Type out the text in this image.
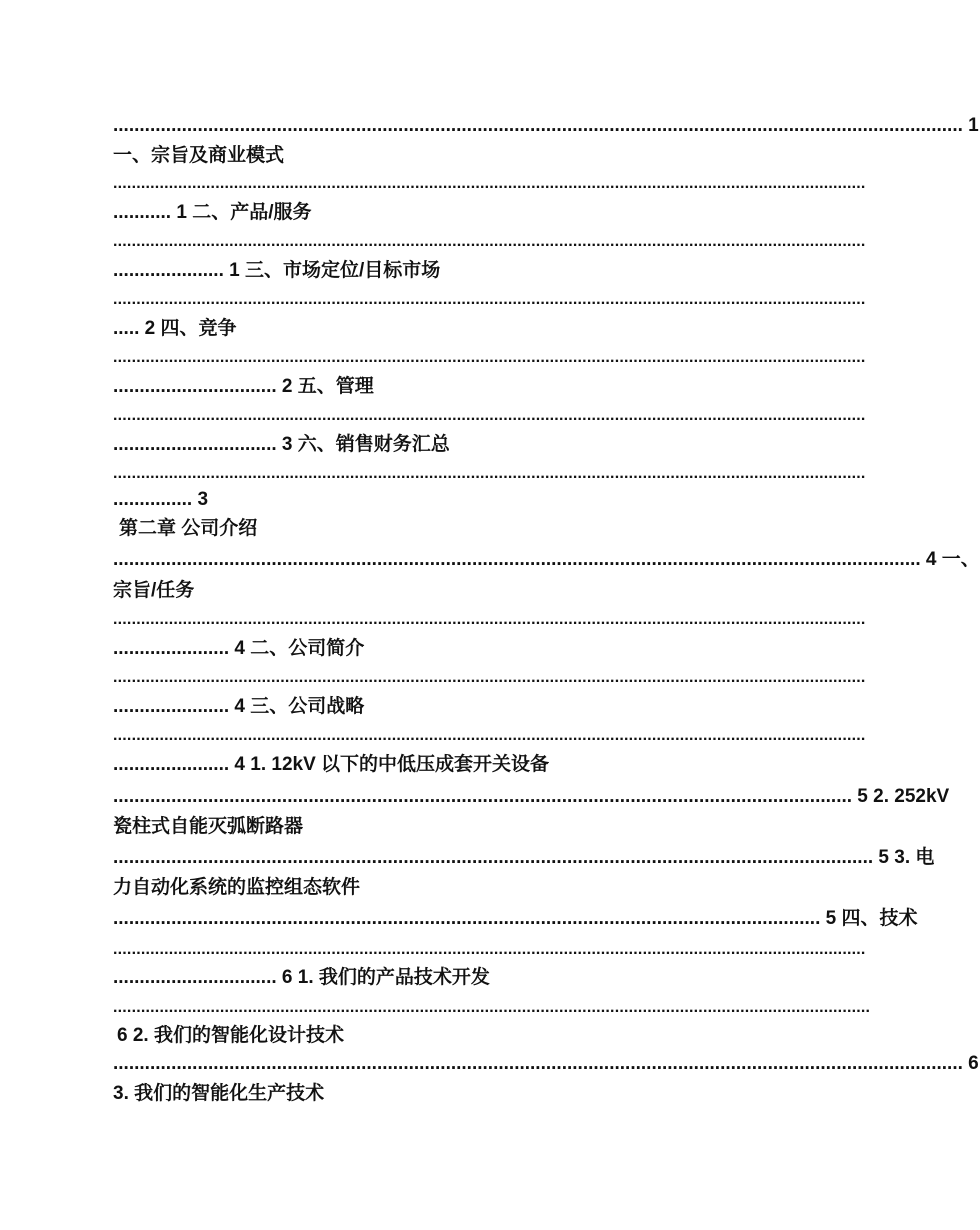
................................................................................................................................................................. 1
一、宗旨及商业模式
..................................................................................................................................................................
........... 1 二、产品/服务
..................................................................................................................................................................
..................... 1 三、市场定位/目标市场
..................................................................................................................................................................
..... 2 四、竞争
..................................................................................................................................................................
............................... 2 五、管理
..................................................................................................................................................................
............................... 3 六、销售财务汇总
..................................................................................................................................................................
............... 3
第二章 公司介绍
......................................................................................................................................................... 4 一、
宗旨/任务
..................................................................................................................................................................
...................... 4 二、公司简介
..................................................................................................................................................................
...................... 4 三、公司战略
..................................................................................................................................................................
...................... 4 1. 12kV 以下的中低压成套开关设备
............................................................................................................................................ 5 2. 252kV
瓷柱式自能灭弧断路器
................................................................................................................................................ 5 3. 电
力自动化系统的监控组态软件
...................................................................................................................................... 5 四、技术
..................................................................................................................................................................
............................... 6 1. 我们的产品技术开发
...................................................................................................................................................................
6 2. 我们的智能化设计技术
................................................................................................................................................................. 6
3. 我们的智能化生产技术
